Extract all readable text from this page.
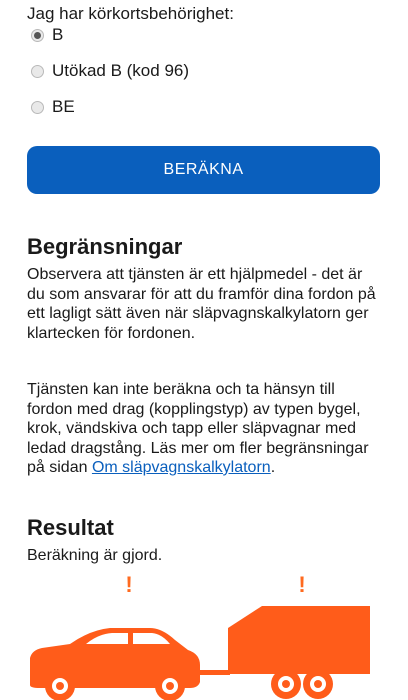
Jag har körkortsbehörighet:
B
Utökad B (kod 96)
BE
BERÄKNA
Begränsningar

Observera att tjänsten är ett hjälpmedel - det är du som ansvarar för att du framför dina fordon på ett lagligt sätt även när släpvagnskalkylatorn ger klartecken för fordonen.

Tjänsten kan inte beräkna och ta hänsyn till fordon med drag (kopplingstyp) av typen bygel, krok, vändskiva och tapp eller släpvagnar med ledad dragstång. Läs mer om fler begränsningar på sidan Om släpvagnskalkylatorn.

Resultat
Beräkning är gjord.
!	!
